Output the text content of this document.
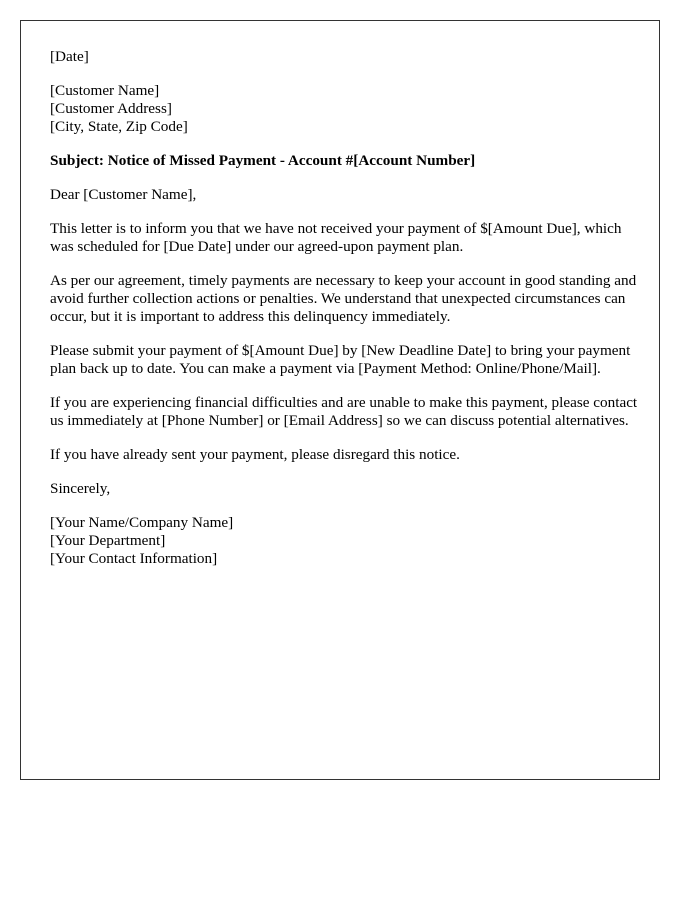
[Date]
[Customer Name]
[Customer Address]
[City, State, Zip Code]
Subject: Notice of Missed Payment - Account #[Account Number]
Dear [Customer Name],
This letter is to inform you that we have not received your payment of $[Amount Due], which was scheduled for [Due Date] under our agreed-upon payment plan.
As per our agreement, timely payments are necessary to keep your account in good standing and avoid further collection actions or penalties. We understand that unexpected circumstances can occur, but it is important to address this delinquency immediately.
Please submit your payment of $[Amount Due] by [New Deadline Date] to bring your payment plan back up to date. You can make a payment via [Payment Method: Online/Phone/Mail].
If you are experiencing financial difficulties and are unable to make this payment, please contact us immediately at [Phone Number] or [Email Address] so we can discuss potential alternatives.
If you have already sent your payment, please disregard this notice.
Sincerely,
[Your Name/Company Name]
[Your Department]
[Your Contact Information]
